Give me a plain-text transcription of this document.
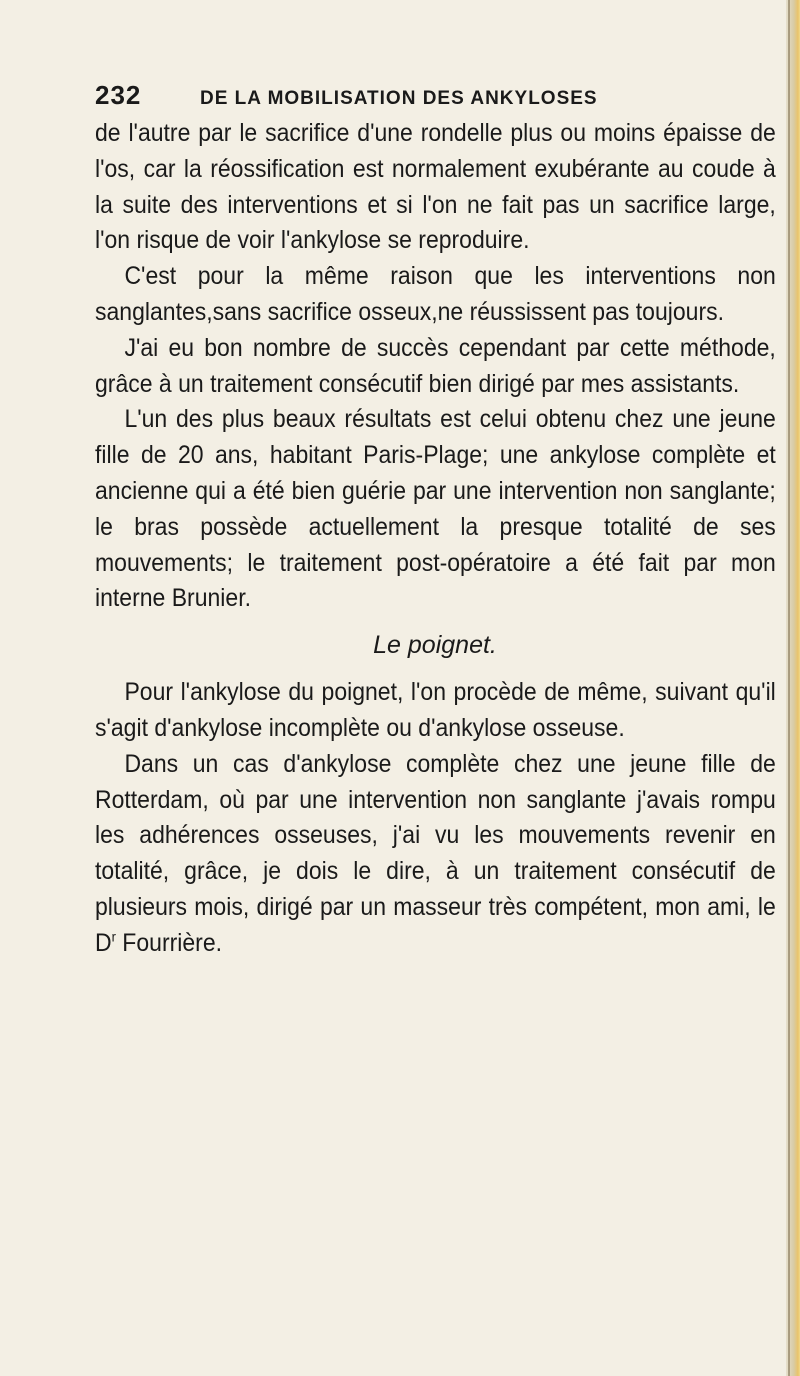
232	DE LA MOBILISATION DES ANKYLOSES

de l'autre par le sacrifice d'une rondelle plus ou moins épaisse de l'os, car la réossification est normalement exubérante au coude à la suite des interventions et si l'on ne fait pas un sacrifice large, l'on risque de voir l'ankylose se reproduire.

C'est pour la même raison que les interventions non sanglantes,sans sacrifice osseux,ne réussissent pas toujours.

J'ai eu bon nombre de succès cependant par cette méthode, grâce à un traitement consécutif bien dirigé par mes assistants.

L'un des plus beaux résultats est celui obtenu chez une jeune fille de 20 ans, habitant Paris-Plage; une ankylose complète et ancienne qui a été bien guérie par une intervention non sanglante; le bras possède actuellement la presque totalité de ses mouvements; le traitement post-opératoire a été fait par mon interne Brunier.

Le poignet.

Pour l'ankylose du poignet, l'on procède de même, suivant qu'il s'agit d'ankylose incomplète ou d'ankylose osseuse.

Dans un cas d'ankylose complète chez une jeune fille de Rotterdam, où par une intervention non sanglante j'avais rompu les adhérences osseuses, j'ai vu les mouvements revenir en totalité, grâce, je dois le dire, à un traitement consécutif de plusieurs mois, dirigé par un masseur très compétent, mon ami, le $D^r$ Fourrière.
